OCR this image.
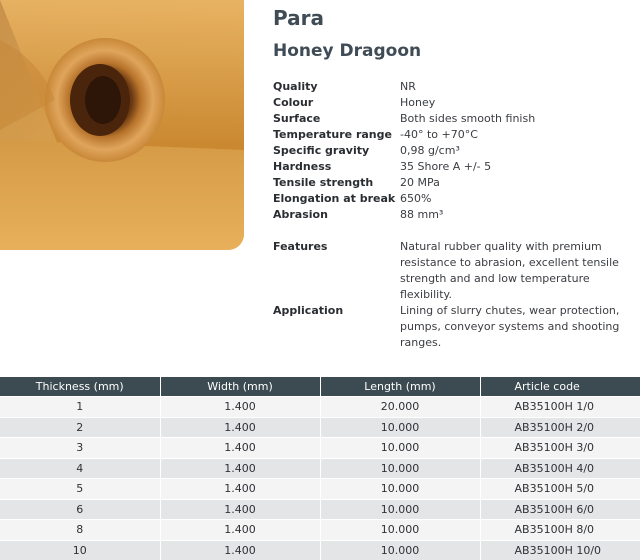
Para
Honey Dragoon
Quality	NR
Colour	Honey
Surface	Both sides smooth finish
Temperature range -40° to +70°C
Specific gravity	0,98 g/cm³
Hardness	35 Shore A +/- 5
Tensile strength	20 MPa
Elongation at break 650%
Abrasion	88 mm³
Features	Natural rubber quality with premium resistance to abrasion, excellent tensile strength and and low temperature flexibility.
Application	Lining of slurry chutes, wear protection, pumps, conveyor systems and shooting ranges.
Thickness (mm)	Width (mm)	Length (mm)	Article code
1	1.400	20.000	AB35100H 1/0
2	1.400	10.000	AB35100H 2/0
3	1.400	10.000	AB35100H 3/0
4	1.400	10.000	AB35100H 4/0
5	1.400	10.000	AB35100H 5/0
6	1.400	10.000	AB35100H 6/0
8	1.400	10.000	AB35100H 8/0
10	1.400	10.000	AB35100H 10/0
